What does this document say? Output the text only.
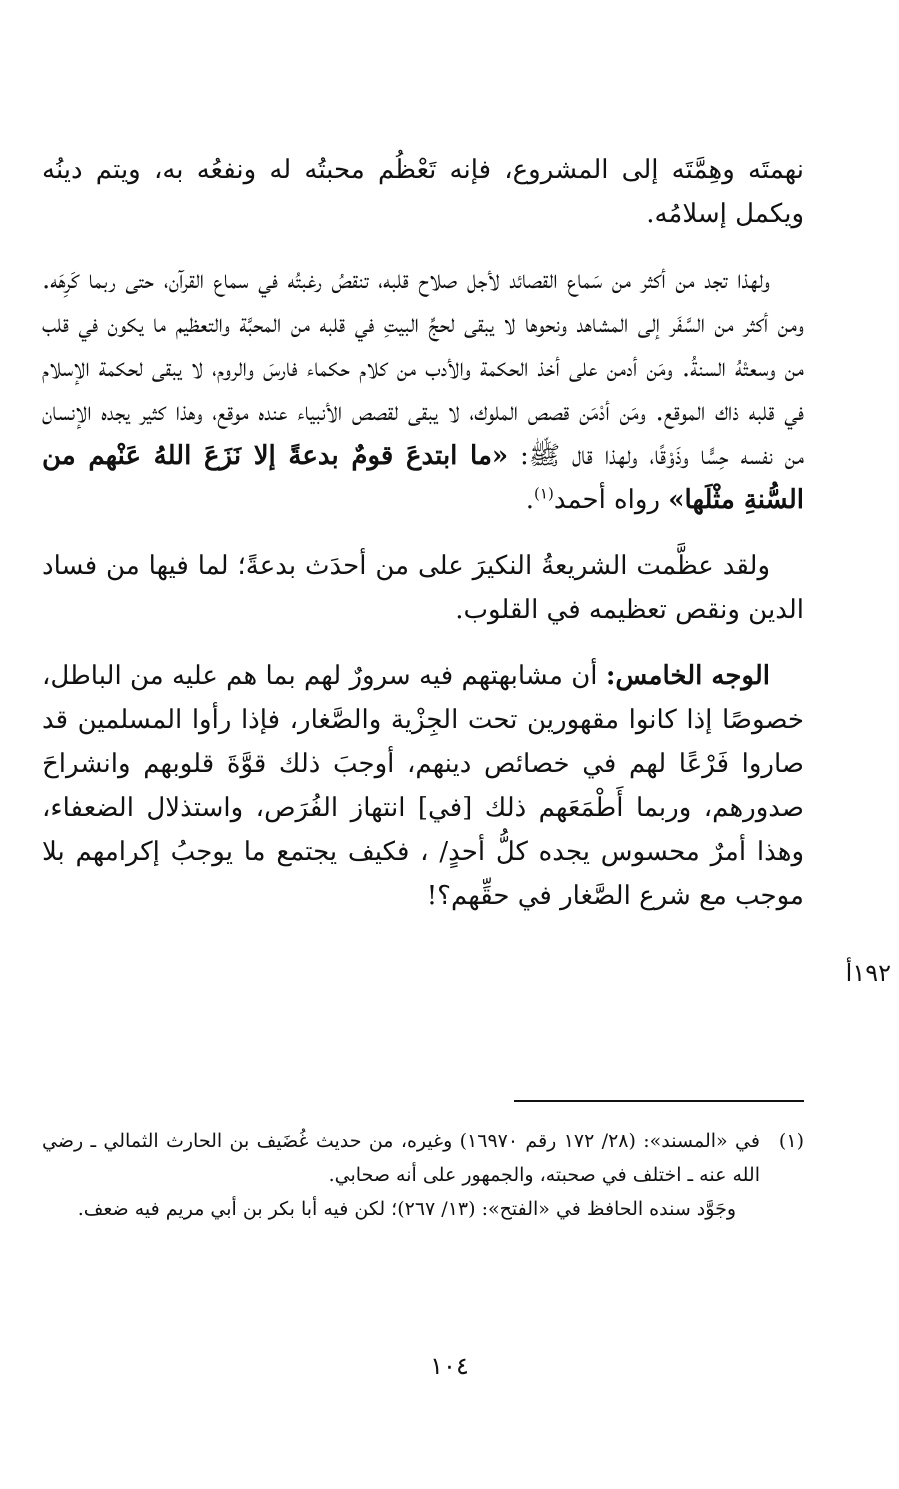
نهمتَه وهِمَّتَه إلى المشروع، فإنه تَعْظُم محبتُه له ونفعُه به، ويتم دينُه ويكمل إسلامُه.

ولهذا تجد من أكثر من سَماع القصائد لأجل صلاح قلبه، تنقصُ رغبتُه في سماع القرآن، حتى ربما كَرِهَه. ومن أكثر من السَّفَر إلى المشاهد ونحوها لا يبقى لحجِّ البيتِ في قلبه من المحبَّة والتعظيم ما يكون في قلب من وسعتْهُ السنةُ. ومَن أدمن على أخذ الحكمة والأدب من كلام حكماء فارسَ والروم، لا يبقى لحكمة الإسلام في قلبه ذاك الموقع. ومَن أدْمَن قصص الملوك، لا يبقى لقصص الأنبياء عنده موقع، وهذا كثير يجده الإنسان من نفسه حِسًّا وذَوْقًا، ولهذا قال ﷺ: «ما ابتدعَ قومٌ بدعةً إلا نَزَعَ اللهُ عَنْهم من السُّنةِ مثْلَها» رواه أحمد$^{(١)}$.

ولقد عظَّمت الشريعةُ النكيرَ على من أحدَث بدعةً؛ لما فيها من فساد الدين ونقص تعظيمه في القلوب.

الوجه الخامس: أن مشابهتهم فيه سرورٌ لهم بما هم عليه من الباطل، خصوصًا إذا كانوا مقهورين تحت الجِزْية والصَّغار، فإذا رأوا المسلمين قد صاروا فَرْعًا لهم في خصائص دينهم، أوجبَ ذلك قوَّةَ قلوبهم وانشراحَ صدورهم، وربما أَطْمَعَهم ذلك [في] انتهاز الفُرَص، واستذلال الضعفاء، وهذا أمرٌ محسوس يجده كلُّ أحدٍ/ ، فكيف يجتمع ما يوجبُ إكرامهم بلا موجب مع شرع الصَّغار في حقِّهم؟!

١٩٢أ

(١) في «المسند»: (٢٨/ ١٧٢ رقم ١٦٩٧٠) وغيره، من حديث غُضَيف بن الحارث الثمالي ـ رضي الله عنه ـ اختلف في صحبته، والجمهور على أنه صحابي.

وجَوَّد سنده الحافظ في «الفتح»: (١٣/ ٢٦٧)؛ لكن فيه أبا بكر بن أبي مريم فيه ضعف.

١٠٤
